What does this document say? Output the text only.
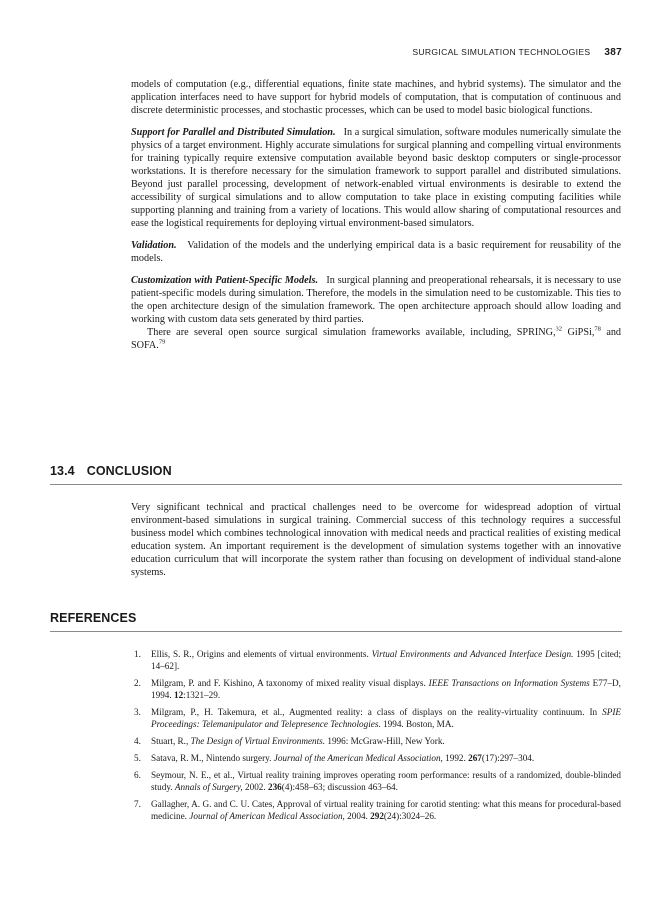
SURGICAL SIMULATION TECHNOLOGIES 387

models of computation (e.g., differential equations, finite state machines, and hybrid systems). The simulator and the application interfaces need to have support for hybrid models of computation, that is computation of continuous and discrete deterministic processes, and stochastic processes, which can be used to model basic biological functions.

Support for Parallel and Distributed Simulation. In a surgical simulation, software modules numerically simulate the physics of a target environment. Highly accurate simulations for surgical planning and compelling virtual environments for training typically require extensive computation available beyond basic desktop computers or single-processor workstations. It is therefore necessary for the simulation framework to support parallel and distributed simulations. Beyond just parallel processing, development of network-enabled virtual environments is desirable to extend the accessibility of surgical simulations and to allow computation to take place in existing computing facilities while supporting planning and training from a variety of locations. This would allow sharing of computational resources and ease the logistical requirements for deploying virtual environment-based simulators.

Validation. Validation of the models and the underlying empirical data is a basic requirement for reusability of the models.

Customization with Patient-Specific Models. In surgical planning and preoperational rehearsals, it is necessary to use patient-specific models during simulation. Therefore, the models in the simulation need to be customizable. This ties to the open architecture design of the simulation framework. The open architecture approach should allow loading and working with custom data sets generated by third parties.

There are several open source surgical simulation frameworks available, including, SPRING,$^{32}$ GiPSi,$^{78}$ and SOFA.$^{79}$

13.4 CONCLUSION

Very significant technical and practical challenges need to be overcome for widespread adoption of virtual environment-based simulations in surgical training. Commercial success of this technology requires a successful business model which combines technological innovation with medical needs and practical realities of existing medical education system. An important requirement is the development of simulation systems together with an innovative education curriculum that will incorporate the system rather than focusing on development of individual stand-alone systems.

REFERENCES
1. Ellis, S. R., Origins and elements of virtual environments. Virtual Environments and Advanced Interface Design. 1995 [cited; 14–62].
2. Milgram, P. and F. Kishino, A taxonomy of mixed reality visual displays. IEEE Transactions on Information Systems E77–D, 1994. 12:1321–29.
3. Milgram, P., H. Takemura, et al., Augmented reality: a class of displays on the reality-virtuality continuum. In SPIE Proceedings: Telemanipulator and Telepresence Technologies. 1994. Boston, MA.
4. Stuart, R., The Design of Virtual Environments. 1996: McGraw-Hill, New York.
5. Satava, R. M., Nintendo surgery. Journal of the American Medical Association, 1992. 267(17):297–304.
6. Seymour, N. E., et al., Virtual reality training improves operating room performance: results of a randomized, double-blinded study. Annals of Surgery, 2002. 236(4):458–63; discussion 463–64.
7. Gallagher, A. G. and C. U. Cates, Approval of virtual reality training for carotid stenting: what this means for procedural-based medicine. Journal of American Medical Association, 2004. 292(24):3024–26.
